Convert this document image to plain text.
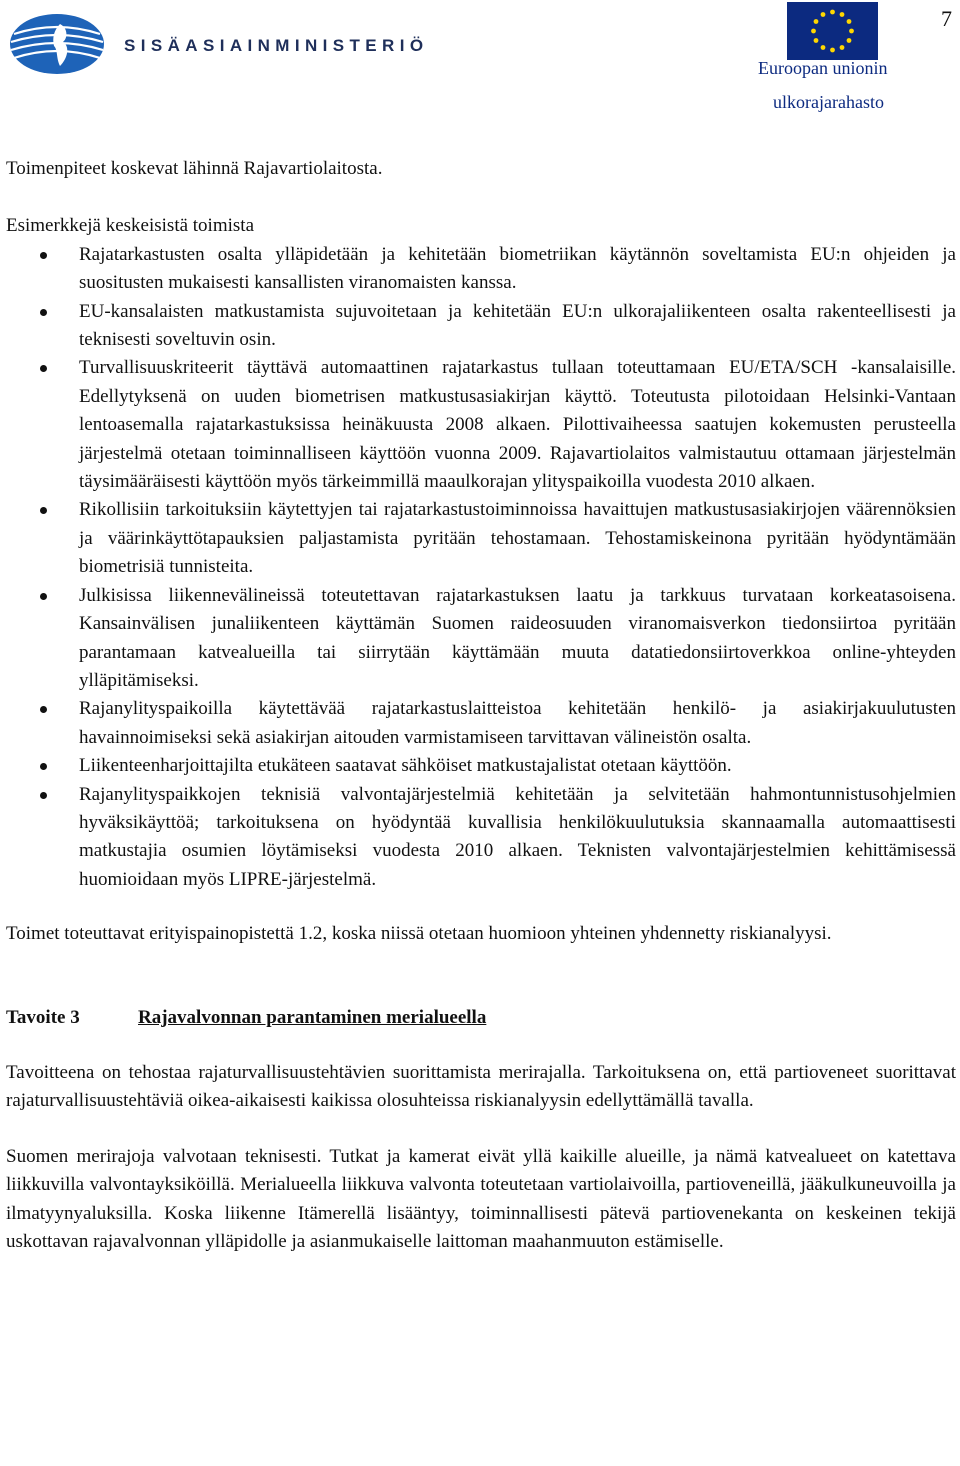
SISÄASIAINMINISTERIÖ
7
Euroopan unionin
ulkorajarahasto

Toimenpiteet koskevat lähinnä Rajavartiolaitosta.

Esimerkkejä keskeisistä toimista

Rajatarkastusten osalta ylläpidetään ja kehitetään biometriikan käytännön soveltamista EU:n ohjeiden ja suositusten mukaisesti kansallisten viranomaisten kanssa.
EU-kansalaisten matkustamista sujuvoitetaan ja kehitetään EU:n ulkorajaliikenteen osalta rakenteellisesti ja teknisesti soveltuvin osin.
Turvallisuuskriteerit täyttävä automaattinen rajatarkastus tullaan toteuttamaan EU/ETA/SCH -kansalaisille. Edellytyksenä on uuden biometrisen matkustusasiakirjan käyttö. Toteutusta pilotoidaan Helsinki-Vantaan lentoasemalla rajatarkastuksissa heinäkuusta 2008 alkaen. Pilottivaiheessa saatujen kokemusten perusteella järjestelmä otetaan toiminnalliseen käyttöön vuonna 2009. Rajavartiolaitos valmistautuu ottamaan järjestelmän täysimääräisesti käyttöön myös tärkeimmillä maaulkorajan ylityspaikoilla vuodesta 2010 alkaen.
Rikollisiin tarkoituksiin käytettyjen tai rajatarkastustoiminnoissa havaittujen matkustusasiakirjojen väärennöksien ja väärinkäyttötapauksien paljastamista pyritään tehostamaan. Tehostamiskeinona pyritään hyödyntämään biometrisiä tunnisteita.
Julkisissa liikennevälineissä toteutettavan rajatarkastuksen laatu ja tarkkuus turvataan korkeatasoisena. Kansainvälisen junaliikenteen käyttämän Suomen raideosuuden viranomaisverkon tiedonsiirtoa pyritään parantamaan katvealueilla tai siirrytään käyttämään muuta datatiedonsiirtoverkkoa online-yhteyden ylläpitämiseksi.
Rajanylityspaikoilla käytettävää rajatarkastuslaitteistoa kehitetään henkilö- ja asiakirjakuulutusten havainnoimiseksi sekä asiakirjan aitouden varmistamiseen tarvittavan välineistön osalta.
Liikenteenharjoittajilta etukäteen saatavat sähköiset matkustajalistat otetaan käyttöön.
Rajanylityspaikkojen teknisiä valvontajärjestelmiä kehitetään ja selvitetään hahmontunnistusohjelmien hyväksikäyttöä; tarkoituksena on hyödyntää kuvallisia henkilökuulutuksia skannaamalla automaattisesti matkustajia osumien löytämiseksi vuodesta 2010 alkaen. Teknisten valvontajärjestelmien kehittämisessä huomioidaan myös LIPRE-järjestelmä.

Toimet toteuttavat erityispainopistettä 1.2, koska niissä otetaan huomioon yhteinen yhdennetty riskianalyysi.

Tavoite 3	Rajavalvonnan parantaminen merialueella

Tavoitteena on tehostaa rajaturvallisuustehtävien suorittamista merirajalla. Tarkoituksena on, että partioveneet suorittavat rajaturvallisuustehtäviä oikea-aikaisesti kaikissa olosuhteissa riskianalyysin edellyttämällä tavalla.

Suomen merirajoja valvotaan teknisesti. Tutkat ja kamerat eivät yllä kaikille alueille, ja nämä katvealueet on katettava liikkuvilla valvontayksiköillä. Merialueella liikkuva valvonta toteutetaan vartiolaivoilla, partioveneillä, jääkulkuneuvoilla ja ilmatyynyaluksilla. Koska liikenne Itämerellä lisääntyy, toiminnallisesti pätevä partiovenekanta on keskeinen tekijä uskottavan rajavalvonnan ylläpidolle ja asianmukaiselle laittoman maahanmuuton estämiselle.
